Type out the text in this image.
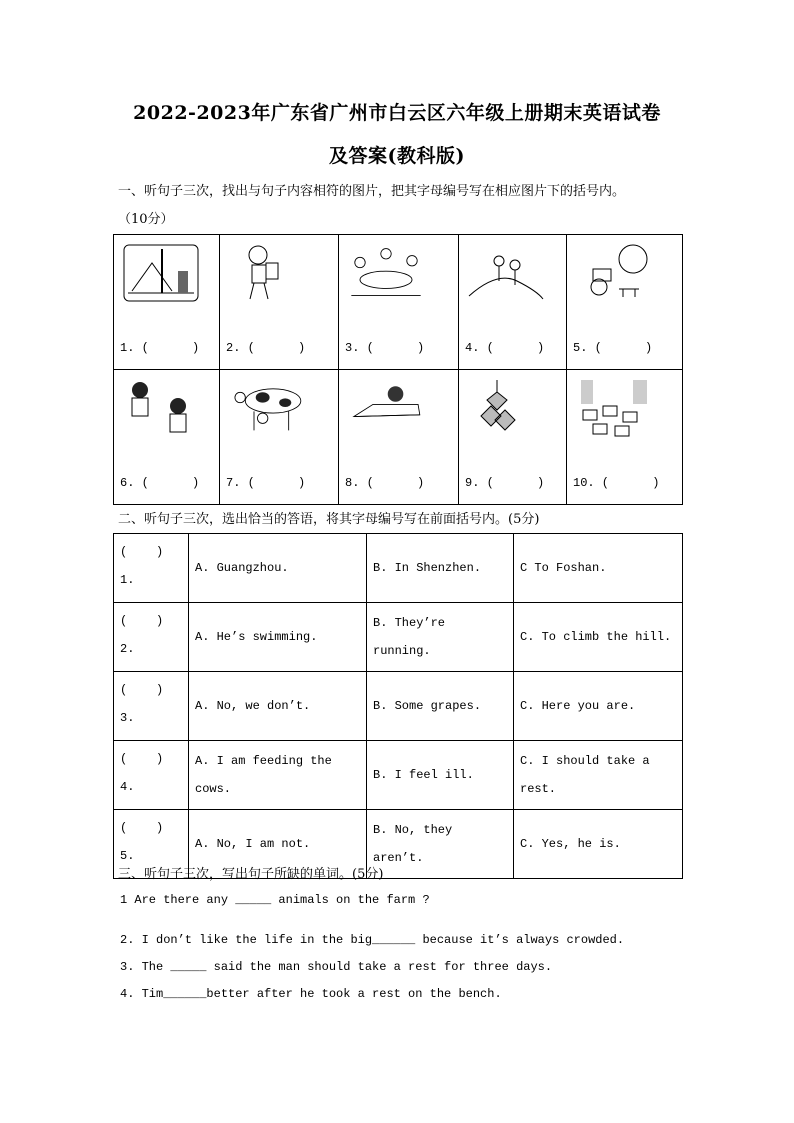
2022-2023年广东省广州市白云区六年级上册期末英语试卷
及答案(教科版)
一、听句子三次，找出与句子内容相符的图片，把其字母编号写在相应图片下的括号内。
（10分）
1. (      )	2. (      )	3. (      )	4. (      )	5. (      )

6. (      )	7. (      )	8. (      )	9. (      )	10. (      )
二、听句子三次，选出恰当的答语，将其字母编号写在前面括号内。(5分)
(    )
1.	A. Guangzhou.	B. In Shenzhen.	C To Foshan.
(    )
2.	A. He’s swimming.	B. They’re running.	C. To climb the hill.
(    )
3.	A. No, we don’t.	B. Some grapes.	C. Here you are.
(    )
4.	A. I am feeding the cows.	B. I feel ill.	C. I should take a rest.
(    )
5.	A. No, I am not.	B. No, they aren’t.	C. Yes, he is.
三、听句子三次，写出句子所缺的单词。(5分)
1 Are there any _____ animals on the farm ?
2. I don’t like the life in the big______ because it’s always crowded.
3. The _____ said the man should take a rest for three days.
4. Tim______better after he took a rest on the bench.
